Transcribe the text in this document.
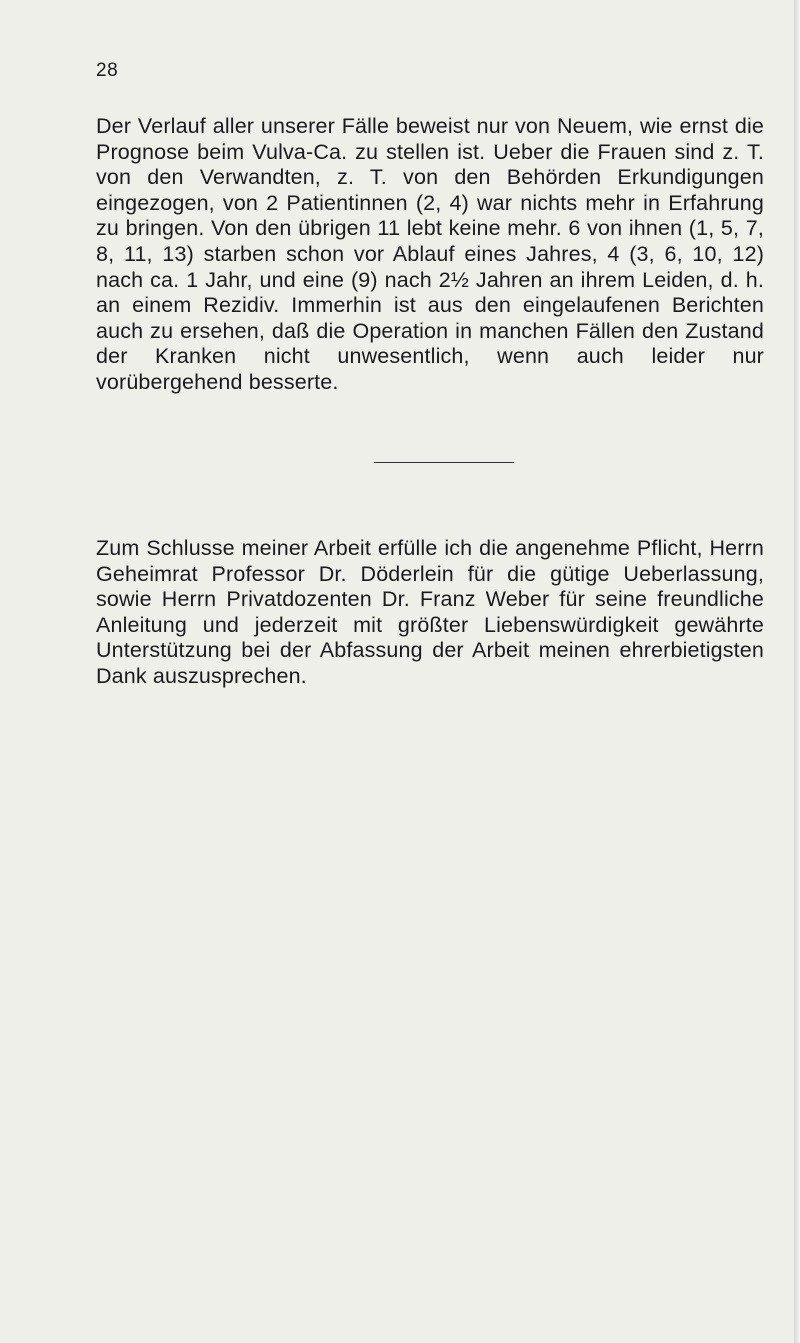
28

Der Verlauf aller unserer Fälle beweist nur von Neuem, wie ernst die Prognose beim Vulva-Ca. zu stellen ist. Ueber die Frauen sind z. T. von den Verwandten, z. T. von den Behörden Erkundigungen eingezogen, von 2 Patientinnen (2, 4) war nichts mehr in Erfahrung zu bringen. Von den übrigen 11 lebt keine mehr. 6 von ihnen (1, 5, 7, 8, 11, 13) starben schon vor Ablauf eines Jahres, 4 (3, 6, 10, 12) nach ca. 1 Jahr, und eine (9) nach 2½ Jahren an ihrem Leiden, d. h. an einem Rezidiv. Immerhin ist aus den eingelaufenen Berichten auch zu ersehen, daß die Operation in manchen Fällen den Zustand der Kranken nicht unwesentlich, wenn auch leider nur vorübergehend besserte.

Zum Schlusse meiner Arbeit erfülle ich die angenehme Pflicht, Herrn Geheimrat Professor Dr. Döderlein für die gütige Ueberlassung, sowie Herrn Privatdozenten Dr. Franz Weber für seine freundliche Anleitung und jederzeit mit größter Liebenswürdigkeit gewährte Unterstützung bei der Abfassung der Arbeit meinen ehrerbietigsten Dank auszusprechen.
